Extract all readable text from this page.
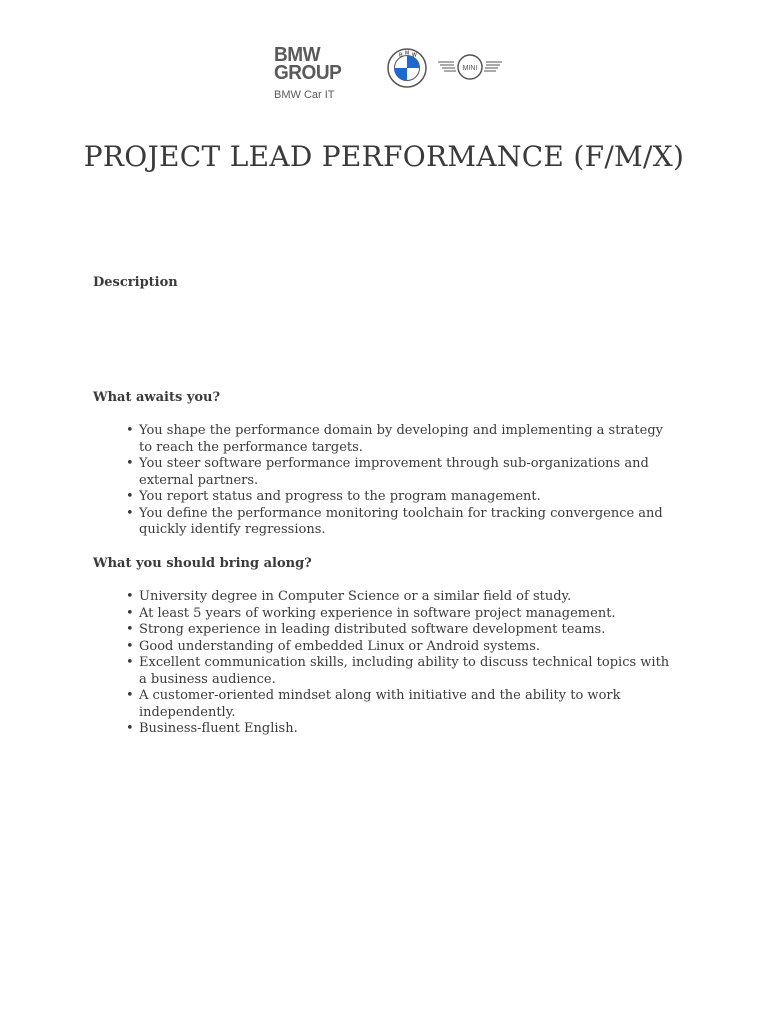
BMW
GROUP
BMW Car IT
B M W
MINI
PROJECT LEAD PERFORMANCE (F/M/X)
Description
What awaits you?
• You shape the performance domain by developing and implementing a strategy to reach the performance targets.
• You steer software performance improvement through sub-organizations and external partners.
• You report status and progress to the program management.
• You define the performance monitoring toolchain for tracking convergence and quickly identify regressions.
What you should bring along?
• University degree in Computer Science or a similar field of study.
• At least 5 years of working experience in software project management.
• Strong experience in leading distributed software development teams.
• Good understanding of embedded Linux or Android systems.
• Excellent communication skills, including ability to discuss technical topics with a business audience.
• A customer-oriented mindset along with initiative and the ability to work independently.
• Business-fluent English.
